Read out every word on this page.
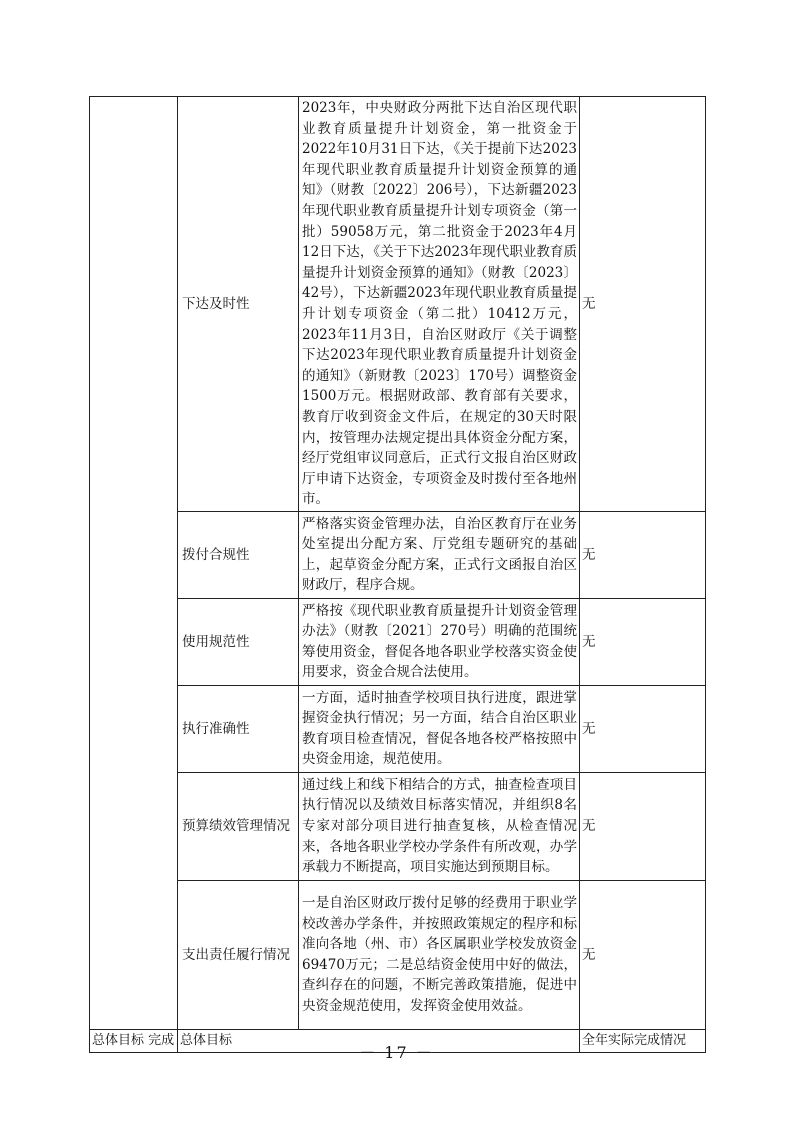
	下达及时性	2023年，中央财政分两批下达自治区现代职业教育质量提升计划资金，第一批资金于2022年10月31日下达，《关于提前下达2023年现代职业教育质量提升计划资金预算的通知》（财教〔2022〕206号），下达新疆2023年现代职业教育质量提升计划专项资金（第一批）59058万元，第二批资金于2023年4月12日下达，《关于下达2023年现代职业教育质量提升计划资金预算的通知》（财教〔2023〕42号），下达新疆2023年现代职业教育质量提升计划专项资金（第二批）10412万元，2023年11月3日，自治区财政厅《关于调整下达2023年现代职业教育质量提升计划资金的通知》（新财教〔2023〕170号）调整资金1500万元。根据财政部、教育部有关要求，教育厅收到资金文件后，在规定的30天时限内，按管理办法规定提出具体资金分配方案，经厅党组审议同意后，正式行文报自治区财政厅申请下达资金，专项资金及时拨付至各地州市。	无
	拨付合规性	严格落实资金管理办法，自治区教育厅在业务处室提出分配方案、厅党组专题研究的基础上，起草资金分配方案，正式行文函报自治区财政厅，程序合规。	无
	使用规范性	严格按《现代职业教育质量提升计划资金管理办法》（财教〔2021〕270号）明确的范围统筹使用资金，督促各地各职业学校落实资金使用要求，资金合规合法使用。	无
	执行准确性	一方面，适时抽查学校项目执行进度，跟进掌握资金执行情况；另一方面，结合自治区职业教育项目检查情况，督促各地各校严格按照中央资金用途，规范使用。	无
	预算绩效管理情况	通过线上和线下相结合的方式，抽查检查项目执行情况以及绩效目标落实情况，并组织8名专家对部分项目进行抽查复核，从检查情况来，各地各职业学校办学条件有所改观，办学承载力不断提高，项目实施达到预期目标。	无
	支出责任履行情况	一是自治区财政厅拨付足够的经费用于职业学校改善办学条件，并按照政策规定的程序和标准向各地（州、市）各区属职业学校发放资金69470万元；二是总结资金使用中好的做法，查纠存在的问题，不断完善政策措施，促进中央资金规范使用，发挥资金使用效益。	无
总体目标 完成	总体目标		全年实际完成情况
－ 17 －
